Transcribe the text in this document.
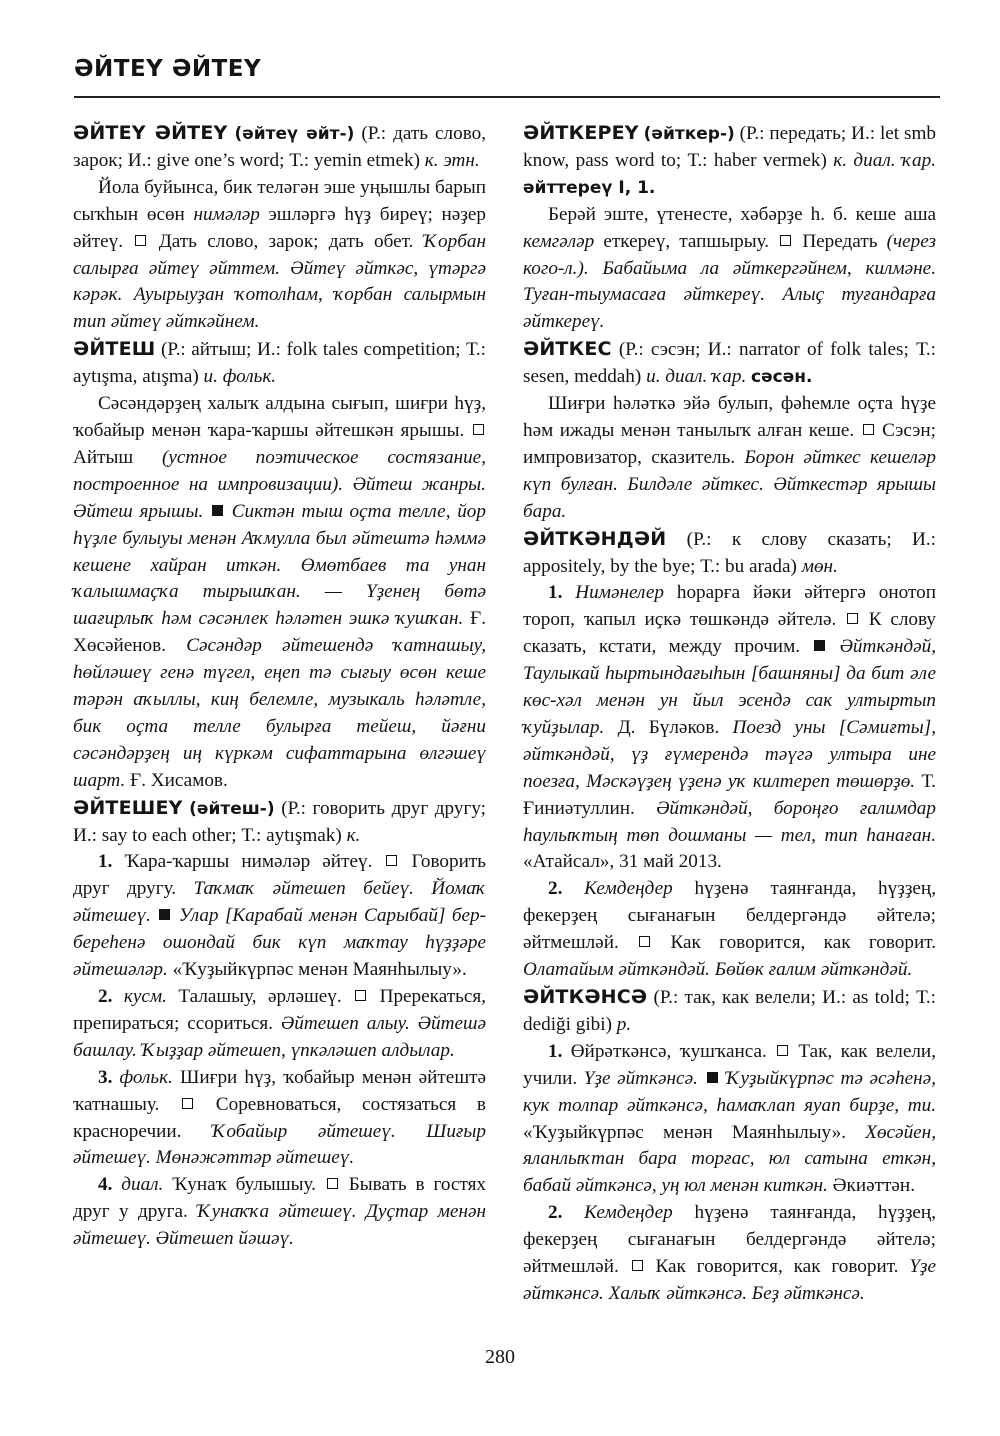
ӘЙТЕҮ ӘЙТЕҮ

ӘЙТЕҮ ӘЙТЕҮ (әйтеү әйт-) (Р.: дать слово, зарок; И.: give one’s word; Т.: yemin etmek) к. этн.

Йола буйынса, бик теләгән эше уңышлы барып сыҡһын өсөн нимәләр эшләргә һүҙ биреү; нәҙер әйтеү.  Дать слово, зарок; дать обет. Ҡорбан салырға әйтеү әйттем. Әйтеү әйткәс, үтәргә кәрәк. Ауырыуҙан ҡотолһам, ҡорбан салырмын тип әйтеү әйткәйнем.

ӘЙТЕШ (Р.: айтыш; И.: folk tales competition; Т.: aytışma, atışma) и. фольк.

Сәсәндәрҙең халыҡ алдына сығып, шиғри һүҙ, ҡобайыр менән ҡара-ҡаршы әйтешкән ярышы.  Айтыш (устное поэтическое состязание, построенное на импровизации). Әйтеш жанры. Әйтеш ярышы.  Сиктән тыш оҫта телле, йор һүҙле булыуы менән Аҡмулла был әйтештә һәммә кешене хайран иткән. Өмөтбаев та унан ҡалышмаҫҡа тырышҡан. — Үҙенең бөтә шағирлыҡ һәм сәсәнлек һәләтен эшкә ҡушҡан. Ғ. Хөсәйенов. Сәсәндәр әйтешендә ҡатнашыу, һөйләшеү генә түгел, еңеп тә сығыу өсөн кеше тәрән аҡыллы, киң белемле, музыкаль һәләтле, бик оҫта телле булырға тейеш, йәғни сәсәндәрҙең иң күркәм сифаттарына өлгәшеү шарт. Ғ. Хисамов.

ӘЙТЕШЕҮ (әйтеш-) (Р.: говорить друг другу; И.: say to each other; Т.: aytışmak) к.

1. Ҡара-ҡаршы нимәләр әйтеү.  Говорить друг другу. Таҡмаҡ әйтешеп бейеү. Йомаҡ әйтешеү.  Улар [Карабай менән Сарыбай] бер-береһенә ошондай бик күп маҡтау һүҙҙәре әйтешәләр. «Ҡуҙыйкүрпәс менән Маянһылыу».

2. кусм. Талашыу, әрләшеү.  Пререкаться, препираться; ссориться. Әйтешеп алыу. Әйтешә башлау. Ҡыҙҙар әйтешеп, үпкәләшеп алдылар.

3. фольк. Шиғри һүҙ, ҡобайыр менән әйтештә ҡатнашыу.  Соревноваться, состязаться в красноречии. Ҡобайыр әйтешеү. Шиғыр әйтешеү. Мөнәжәттәр әйтешеү.

4. диал. Ҡунаҡ булышыу.  Бывать в гостях друг у друга. Ҡунаҡҡа әйтешеү. Дуҫтар менән әйтешеү. Әйтешеп йәшәү.

ӘЙТКЕРЕҮ (әйткер-) (Р.: передать; И.: let smb know, pass word to; Т.: haber vermek) к. диал. ҡар. әйттереү I, 1.

Берәй эште, үтенесте, хәбәрҙе һ. б. кеше аша кемгәләр еткереү, тапшырыу.  Передать (через кого-л.). Бабайыма ла әйткергәйнем, килмәне. Туған-тыумасаға әйткереү. Алыҫ туғандарға әйткереү.

ӘЙТКЕС (Р.: сэсэн; И.: narrator of folk tales; Т.: sesen, meddah) и. диал. ҡар. сәсән.

Шиғри һәләткә эйә булып, фәһемле оҫта һүҙе һәм ижады менән танылыҡ алған кеше.  Сэсэн; импровизатор, сказитель. Борон әйткес кешеләр күп булған. Билдәле әйткес. Әйткестәр ярышы бара.

ӘЙТКӘНДӘЙ (Р.: к слову сказать; И.: appositely, by the bye; Т.: bu arada) мөн.

1. Нимәнелер һорарға йәки әйтергә онотоп тороп, ҡапыл иҫкә төшкәндә әйтелә.  К слову сказать, кстати, между прочим.  Әйткәндәй, Таулыкай һыртындағыһын [башняны] да бит әле көс-хәл менән ун йыл эсендә сак ултыртып ҡуйҙылар. Д. Бүләков. Поезд уны [Сәмиғты], әйткәндәй, үҙ ғүмерендә тәүгә ултыра ине поезға, Мәскәүҙең үҙенә уҡ килтереп төшөрҙө. Т. Ғиниәтуллин. Әйткәндәй, бороңғо ғалимдар һаулыҡтың төп дошманы — тел, тип һанаған. «Атайсал», 31 май 2013.

2. Кемдеңдер һүҙенә таянғанда, һүҙҙең, фекерҙең сығанағын белдергәндә әйтелә; әйтмешләй.  Как говорится, как говорит. Олатайым әйткәндәй. Бөйөк ғалим әйткәндәй.

ӘЙТКӘНСӘ (Р.: так, как велели; И.: as told; Т.: dediği gibi) р.

1. Өйрәткәнсә, ҡушҡанса.  Так, как велели, учили. Үҙе әйткәнсә.  Ҡуҙыйкүрпәс тә әсәһенә, кук толпар әйткәнсә, һамаҡлап яуап бирҙе, ти. «Ҡуҙыйкүрпәс менән Маянһылыу». Хөсәйен, яланлыҡтан бара торғас, юл сатына еткән, бабай әйткәнсә, уң юл менән киткән. Әкиәттән.

2. Кемдеңдер һүҙенә таянғанда, һүҙҙең, фекерҙең сығанағын белдергәндә әйтелә; әйтмешләй.  Как говорится, как говорит. Үҙе әйткәнсә. Халыҡ әйткәнсә. Беҙ әйткәнсә.

280
